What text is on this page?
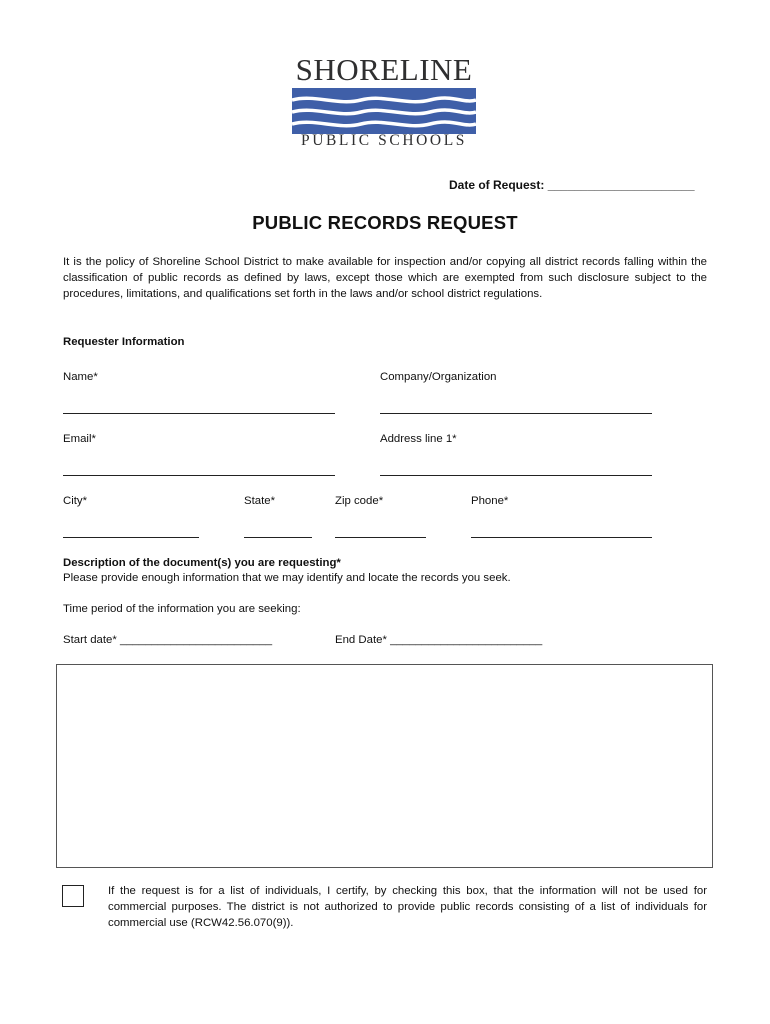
SHORELINE
PUBLIC SCHOOLS
Date of Request: ______________________
PUBLIC RECORDS REQUEST
It is the policy of Shoreline School District to make available for inspection and/or copying all district records falling within the classification of public records as defined by laws, except those which are exempted from such disclosure subject to the procedures, limitations, and qualifications set forth in the laws and/or school district regulations.
Requester Information
Name*	Company/Organization
Email*	Address line 1*
City*	State*	Zip code*	Phone*
Description of the document(s) you are requesting*
Please provide enough information that we may identify and locate the records you seek.
Time period of the information you are seeking:
Start date* ________________________	End Date* ________________________
If the request is for a list of individuals, I certify, by checking this box, that the information will not be used for commercial purposes. The district is not authorized to provide public records consisting of a list of individuals for commercial use (RCW42.56.070(9)).
